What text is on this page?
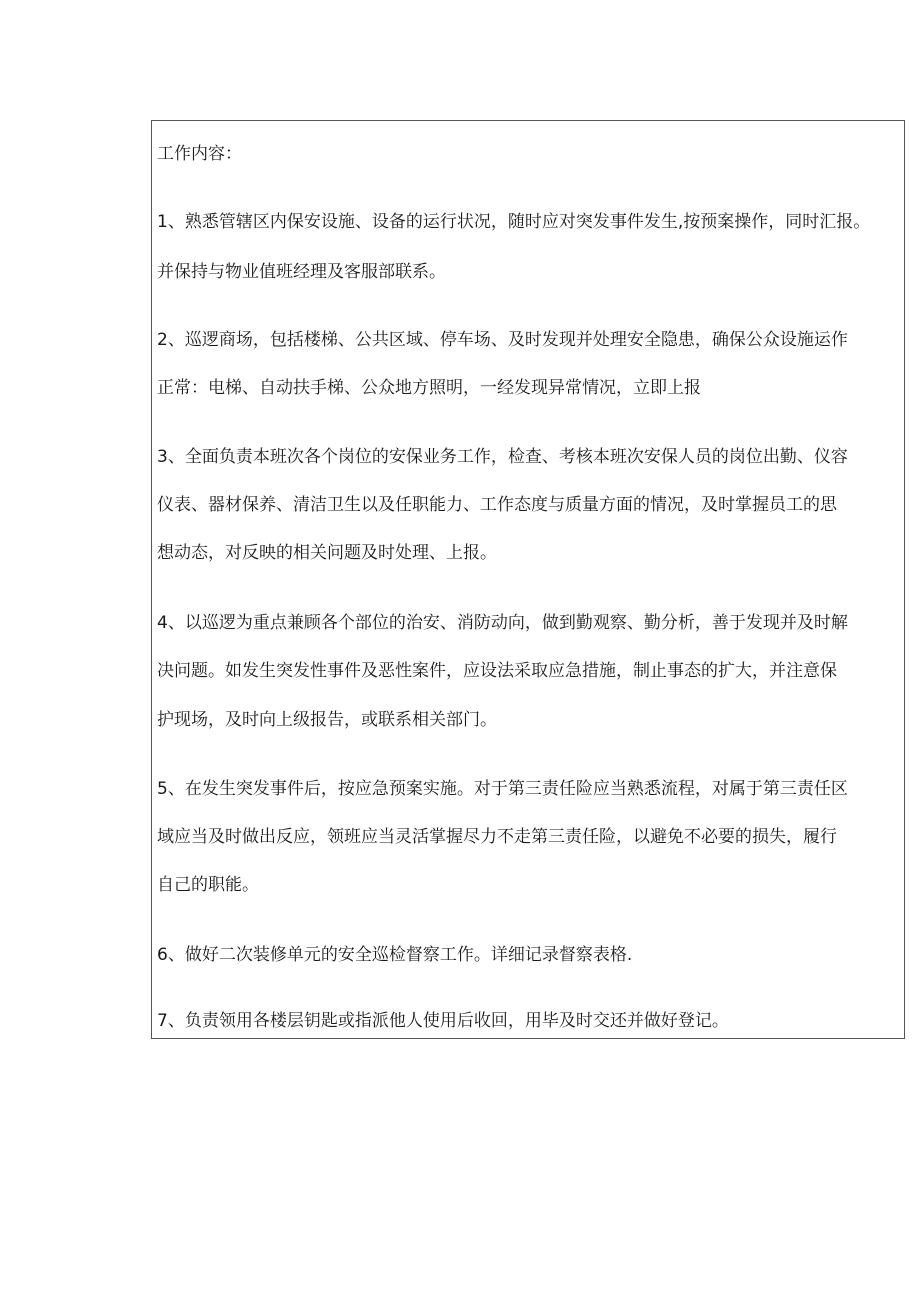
工作内容：
1、熟悉管辖区内保安设施、设备的运行状况，随时应对突发事件发生,按预案操作，同时汇报。
并保持与物业值班经理及客服部联系。
2、巡逻商场，包括楼梯、公共区域、停车场、及时发现并处理安全隐患，确保公众设施运作
正常：电梯、自动扶手梯、公众地方照明，一经发现异常情况，立即上报
3、全面负责本班次各个岗位的安保业务工作，检查、考核本班次安保人员的岗位出勤、仪容
仪表、器材保养、清洁卫生以及任职能力、工作态度与质量方面的情况，及时掌握员工的思
想动态，对反映的相关问题及时处理、上报。
4、以巡逻为重点兼顾各个部位的治安、消防动向，做到勤观察、勤分析，善于发现并及时解
决问题。如发生突发性事件及恶性案件，应设法采取应急措施，制止事态的扩大，并注意保
护现场，及时向上级报告，或联系相关部门。
5、在发生突发事件后，按应急预案实施。对于第三责任险应当熟悉流程，对属于第三责任区
域应当及时做出反应，领班应当灵活掌握尽力不走第三责任险，以避免不必要的损失，履行
自己的职能。
6、做好二次装修单元的安全巡检督察工作。详细记录督察表格.
7、负责领用各楼层钥匙或指派他人使用后收回，用毕及时交还并做好登记。
